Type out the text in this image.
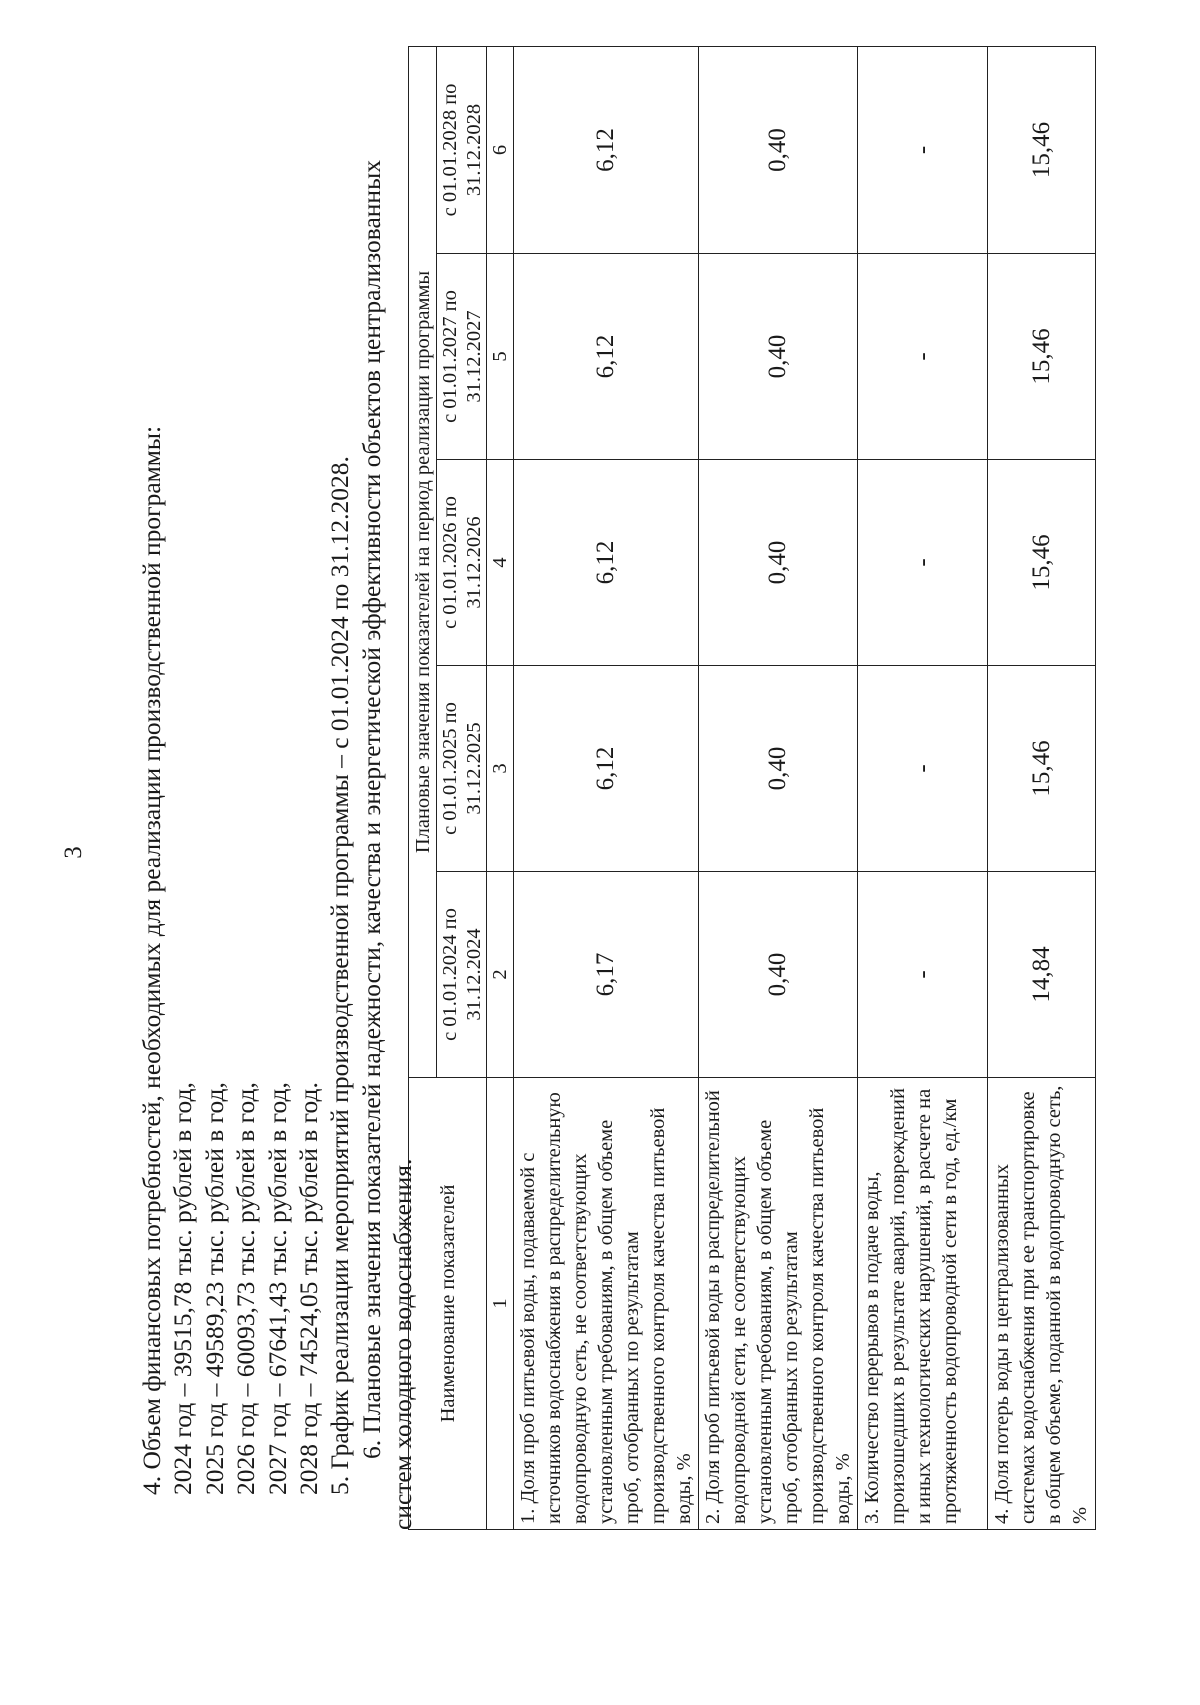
3 4. Объем финансовых потребностей, необходимых для реализации производственной программы: 2024 год – 39515,78 тыс. рублей в год, 2025 год – 49589,23 тыс. рублей в год, 2026 год – 60093,73 тыс. рублей в год, 2027 год – 67641,43 тыс. рублей в год, 2028 год – 74524,05 тыс. рублей в год. 5. График реализации мероприятий производственной программы – с 01.01.2024 по 31.12.2028. 6. Плановые значения показателей надежности, качества и энергетической эффективности объектов централизованных систем холодного водоснабжения. Наименование показателей	Плановые значения показателей на период реализации программы				
	с 01.01.2024 по 31.12.2024	с 01.01.2025 по 31.12.2025	с 01.01.2026 по 31.12.2026	с 01.01.2027 по 31.12.2027	с 01.01.2028 по 31.12.2028
1	2	3	4	5	6
1. Доля проб питьевой воды, подаваемой с источников водоснабжения в распределительную водопроводную сеть, не соответствующих установленным требованиям, в общем объеме проб, отобранных по результатам производственного контроля качества питьевой воды, %	6,17	6,12	6,12	6,12	6,12
2. Доля проб питьевой воды в распределительной водопроводной сети, не соответствующих установленным требованиям, в общем объеме проб, отобранных по результатам производственного контроля качества питьевой воды, %	0,40	0,40	0,40	0,40	0,40
3. Количество перерывов в подаче воды, произошедших в результате аварий, повреждений и иных технологических нарушений, в расчете на протяженность водопроводной сети в год, ед./км	-	-	-	-	-
4. Доля потерь воды в централизованных системах водоснабжения при ее транспортировке в общем объеме, поданной в водопроводную сеть, %	14,84	15,46	15,46	15,46	15,46
